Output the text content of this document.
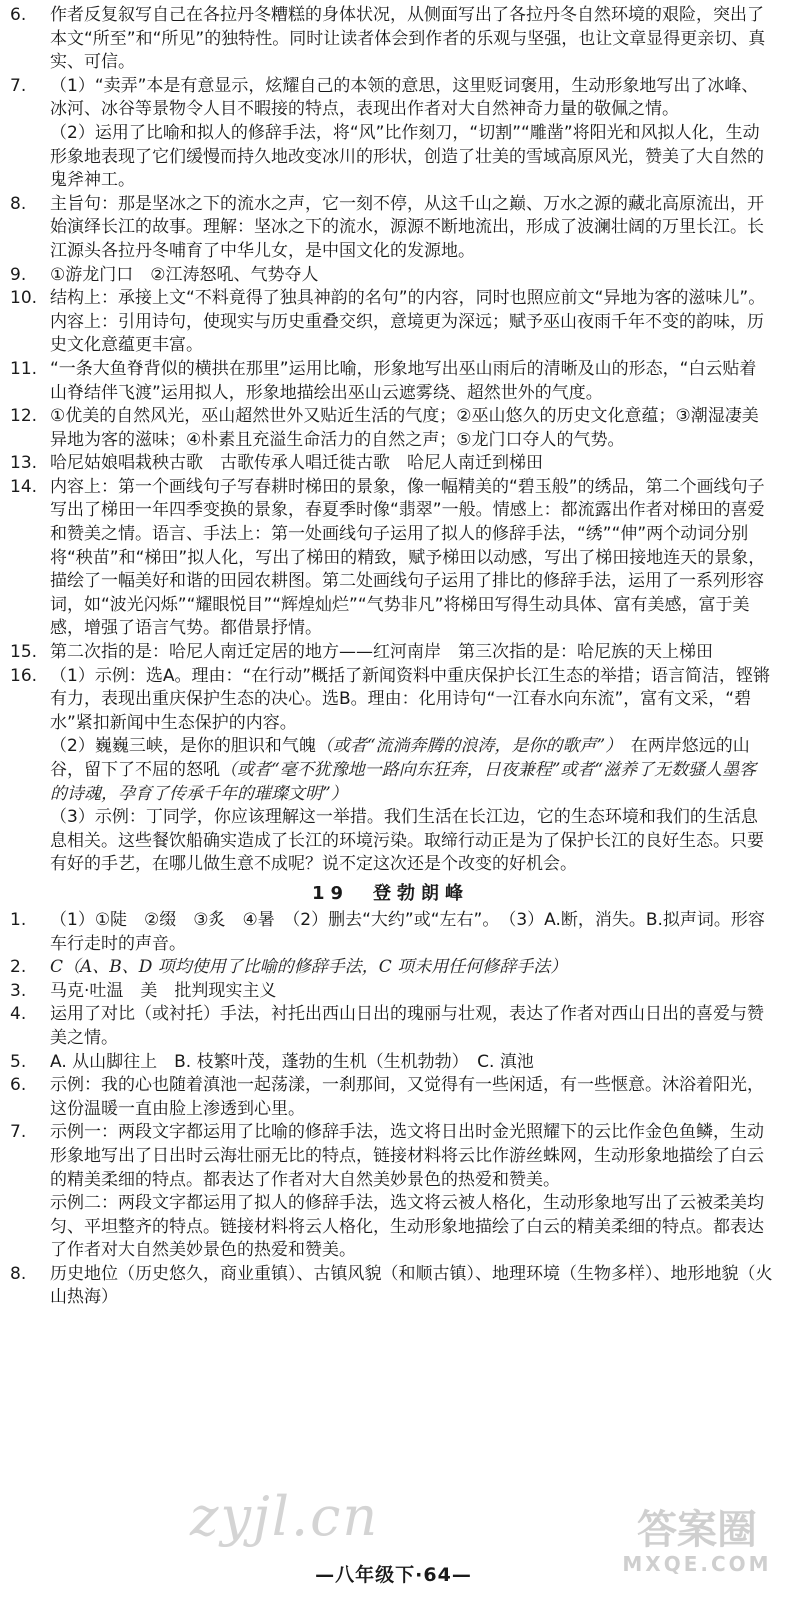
6.	作者反复叙写自己在各拉丹冬糟糕的身体状况，从侧面写出了各拉丹冬自然环境的艰险，突出了本文“所至”和“所见”的独特性。同时让读者体会到作者的乐观与坚强，也让文章显得更亲切、真实、可信。

7.	（1）“卖弄”本是有意显示，炫耀自己的本领的意思，这里贬词褒用，生动形象地写出了冰峰、冰河、冰谷等景物令人目不暇接的特点，表现出作者对大自然神奇力量的敬佩之情。

（2）运用了比喻和拟人的修辞手法，将“风”比作刻刀，“切割”“雕凿”将阳光和风拟人化，生动形象地表现了它们缓慢而持久地改变冰川的形状，创造了壮美的雪域高原风光，赞美了大自然的鬼斧神工。

8.	主旨句：那是坚冰之下的流水之声，它一刻不停，从这千山之巅、万水之源的藏北高原流出，开始演绎长江的故事。理解：坚冰之下的流水，源源不断地流出，形成了波澜壮阔的万里长江。长江源头各拉丹冬哺育了中华儿女，是中国文化的发源地。

9.	①游龙门口　②江涛怒吼、气势夺人

10. 结构上：承接上文“不料竟得了独具神韵的名句”的内容，同时也照应前文“异地为客的滋味儿”。内容上：引用诗句，使现实与历史重叠交织，意境更为深远；赋予巫山夜雨千年不变的韵味，历史文化意蕴更丰富。

11. “一条大鱼脊背似的横拱在那里”运用比喻，形象地写出巫山雨后的清晰及山的形态，“白云贴着山脊结伴飞渡”运用拟人，形象地描绘出巫山云遮雾绕、超然世外的气度。

12. ①优美的自然风光，巫山超然世外又贴近生活的气度；②巫山悠久的历史文化意蕴；③潮湿凄美异地为客的滋味；④朴素且充溢生命活力的自然之声；⑤龙门口夺人的气势。

13. 哈尼姑娘唱栽秧古歌　古歌传承人唱迁徙古歌　哈尼人南迁到梯田

14. 内容上：第一个画线句子写春耕时梯田的景象，像一幅精美的“碧玉般”的绣品，第二个画线句子写出了梯田一年四季变换的景象，春夏季时像“翡翠”一般。情感上：都流露出作者对梯田的喜爱和赞美之情。语言、手法上：第一处画线句子运用了拟人的修辞手法，“绣”“伸”两个动词分别将“秧苗”和“梯田”拟人化，写出了梯田的精致，赋予梯田以动感，写出了梯田接地连天的景象，描绘了一幅美好和谐的田园农耕图。第二处画线句子运用了排比的修辞手法，运用了一系列形容词，如“波光闪烁”“耀眼悦目”“辉煌灿烂”“气势非凡”将梯田写得生动具体、富有美感，富于美感，增强了语言气势。都借景抒情。

15. 第二次指的是：哈尼人南迁定居的地方——红河南岸　第三次指的是：哈尼族的天上梯田

16. （1）示例：选A。理由：“在行动”概括了新闻资料中重庆保护长江生态的举措；语言简洁，铿锵有力，表现出重庆保护生态的决心。选B。理由：化用诗句“一江春水向东流”，富有文采，“碧水”紧扣新闻中生态保护的内容。

（2）巍巍三峡，是你的胆识和气魄（或者“流淌奔腾的浪涛，是你的歌声”）　在两岸悠远的山谷，留下了不屈的怒吼（或者“毫不犹豫地一路向东狂奔，日夜兼程”或者“滋养了无数骚人墨客的诗魂，孕育了传承千年的璀璨文明”）

（3）示例：丁同学，你应该理解这一举措。我们生活在长江边，它的生态环境和我们的生活息息相关。这些餐饮船确实造成了长江的环境污染。取缔行动正是为了保护长江的良好生态。只要有好的手艺，在哪儿做生意不成呢？说不定这次还是个改变的好机会。

19　登勃朗峰
1.	（1）①陡　②缀　③炙　④暑　（2）删去“大约”或“左右”。　（3）A.断，消失。B.拟声词。形容车行走时的声音。

2.	C（A、B、D 项均使用了比喻的修辞手法，C 项未用任何修辞手法）

3.	马克·吐温　美　批判现实主义

4.	运用了对比（或衬托）手法，衬托出西山日出的瑰丽与壮观，表达了作者对西山日出的喜爱与赞美之情。

5.	A. 从山脚往上　B. 枝繁叶茂，蓬勃的生机（生机勃勃）　C. 滇池

6.	示例：我的心也随着滇池一起荡漾，一刹那间，又觉得有一些闲适，有一些惬意。沐浴着阳光，这份温暖一直由脸上渗透到心里。

7.	示例一：两段文字都运用了比喻的修辞手法，选文将日出时金光照耀下的云比作金色鱼鳞，生动形象地写出了日出时云海壮丽无比的特点，链接材料将云比作游丝蛛网，生动形象地描绘了白云的精美柔细的特点。都表达了作者对大自然美妙景色的热爱和赞美。

示例二：两段文字都运用了拟人的修辞手法，选文将云被人格化，生动形象地写出了云被柔美均匀、平坦整齐的特点。链接材料将云人格化，生动形象地描绘了白云的精美柔细的特点。都表达了作者对大自然美妙景色的热爱和赞美。

8.	历史地位（历史悠久，商业重镇）、古镇风貌（和顺古镇）、地理环境（生物多样）、地形地貌（火山热海）

zyjl.cn	答案圈
MXQE.COM
—八年级下·64—
